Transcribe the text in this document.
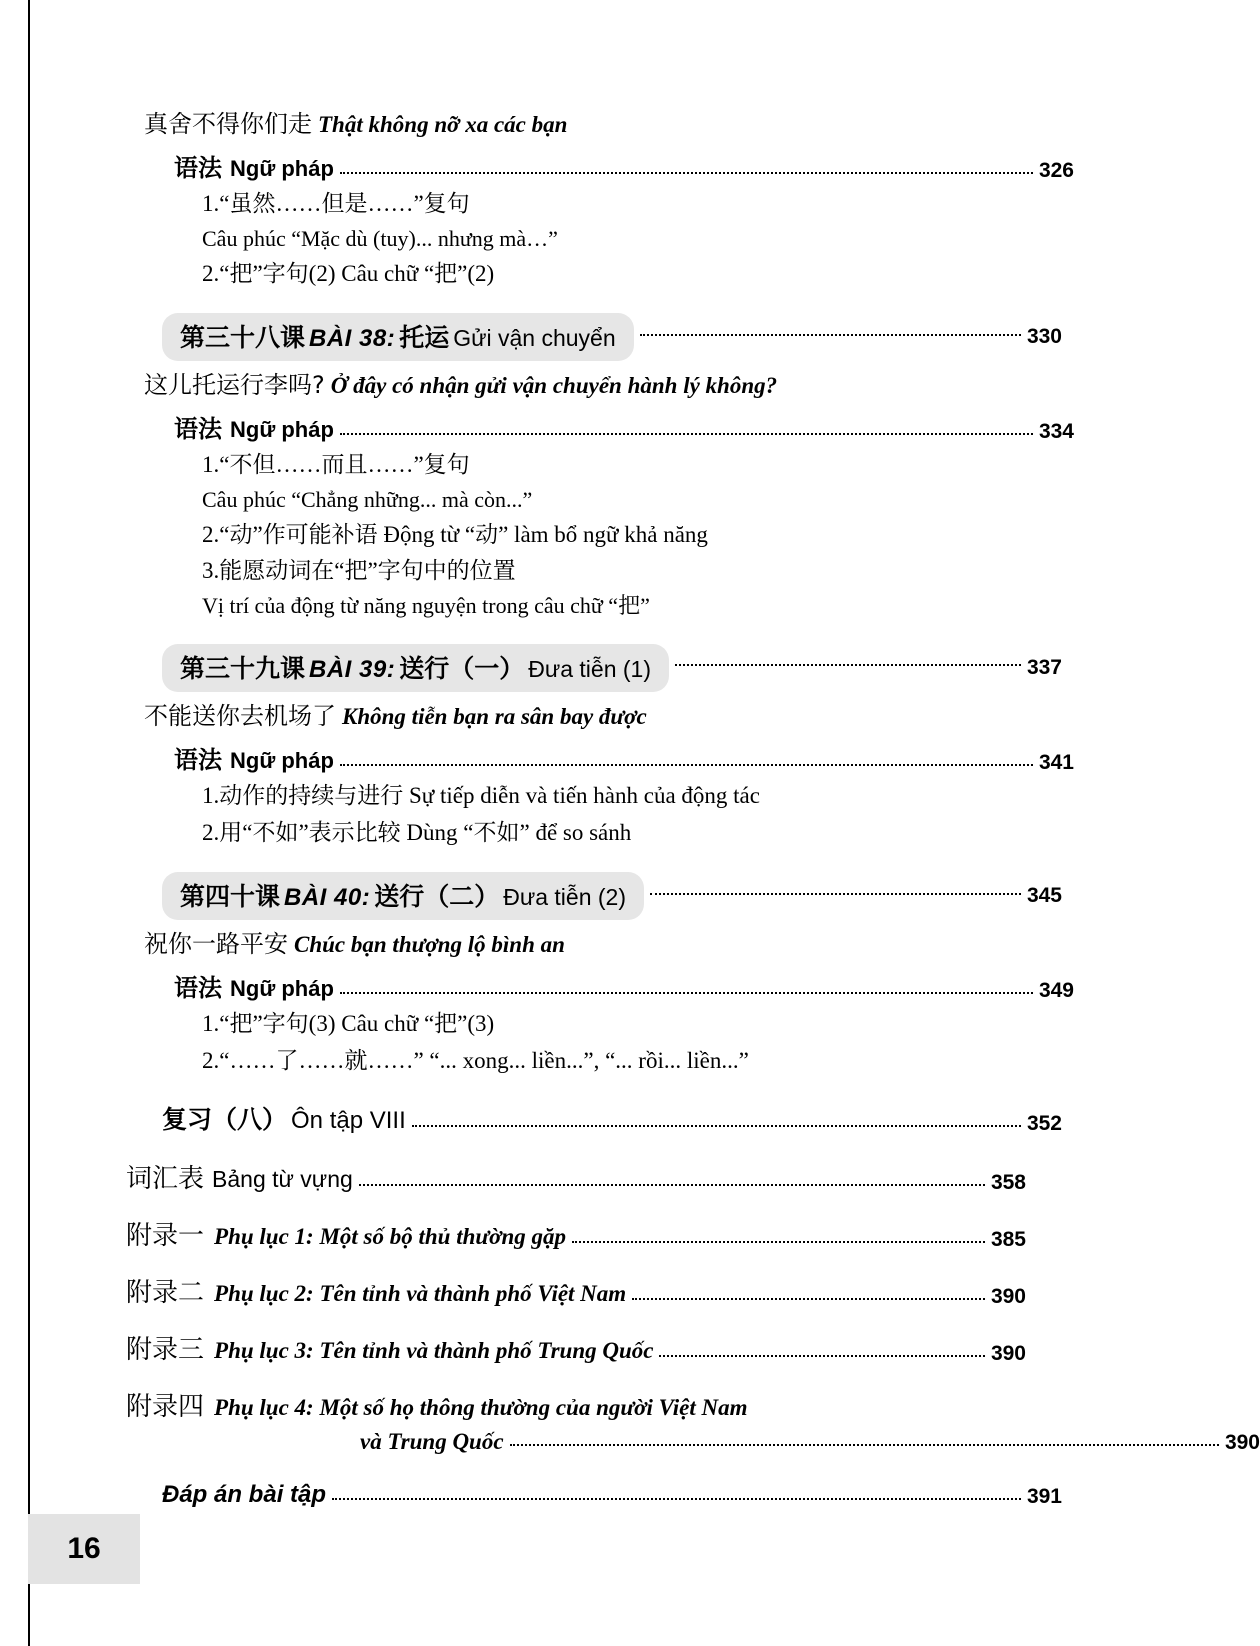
真舍不得你们走 Thật không nỡ xa các bạn
语法 Ngữ pháp	326
1.“虽然……但是……”复句
Câu phúc “Mặc dù (tuy)... nhưng mà…”
2.“把”字句(2) Câu chữ “把”(2)
第三十八课 BÀI 38: 托运 Gửi vận chuyển	330
这儿托运行李吗? Ở đây có nhận gửi vận chuyển hành lý không?
语法 Ngữ pháp	334
1.“不但……而且……”复句
Câu phúc “Chẳng những... mà còn...”
2.“动”作可能补语 Động từ “动” làm bổ ngữ khả năng
3.能愿动词在“把”字句中的位置
Vị trí của động từ năng nguyện trong câu chữ “把”
第三十九课 BÀI 39: 送行（一） Đưa tiễn (1)	337
不能送你去机场了 Không tiễn bạn ra sân bay được
语法 Ngữ pháp	341
1.动作的持续与进行 Sự tiếp diễn và tiến hành của động tác
2.用“不如”表示比较 Dùng “不如” để so sánh
第四十课 BÀI 40: 送行（二） Đưa tiễn (2)	345
祝你一路平安 Chúc bạn thượng lộ bình an
语法 Ngữ pháp	349
1.“把”字句(3) Câu chữ “把”(3)
2.“……了……就……” “... xong... liền...”, “... rồi... liền...”
复习（八） Ôn tập VIII	352
词汇表 Bảng từ vựng	358
附录一 Phụ lục 1: Một số bộ thủ thường gặp	385
附录二 Phụ lục 2: Tên tỉnh và thành phố Việt Nam	390
附录三 Phụ lục 3: Tên tỉnh và thành phố Trung Quốc	390
附录四 Phụ lục 4: Một số họ thông thường của người Việt Nam
và Trung Quốc	390
Đáp án bài tập	391
16
